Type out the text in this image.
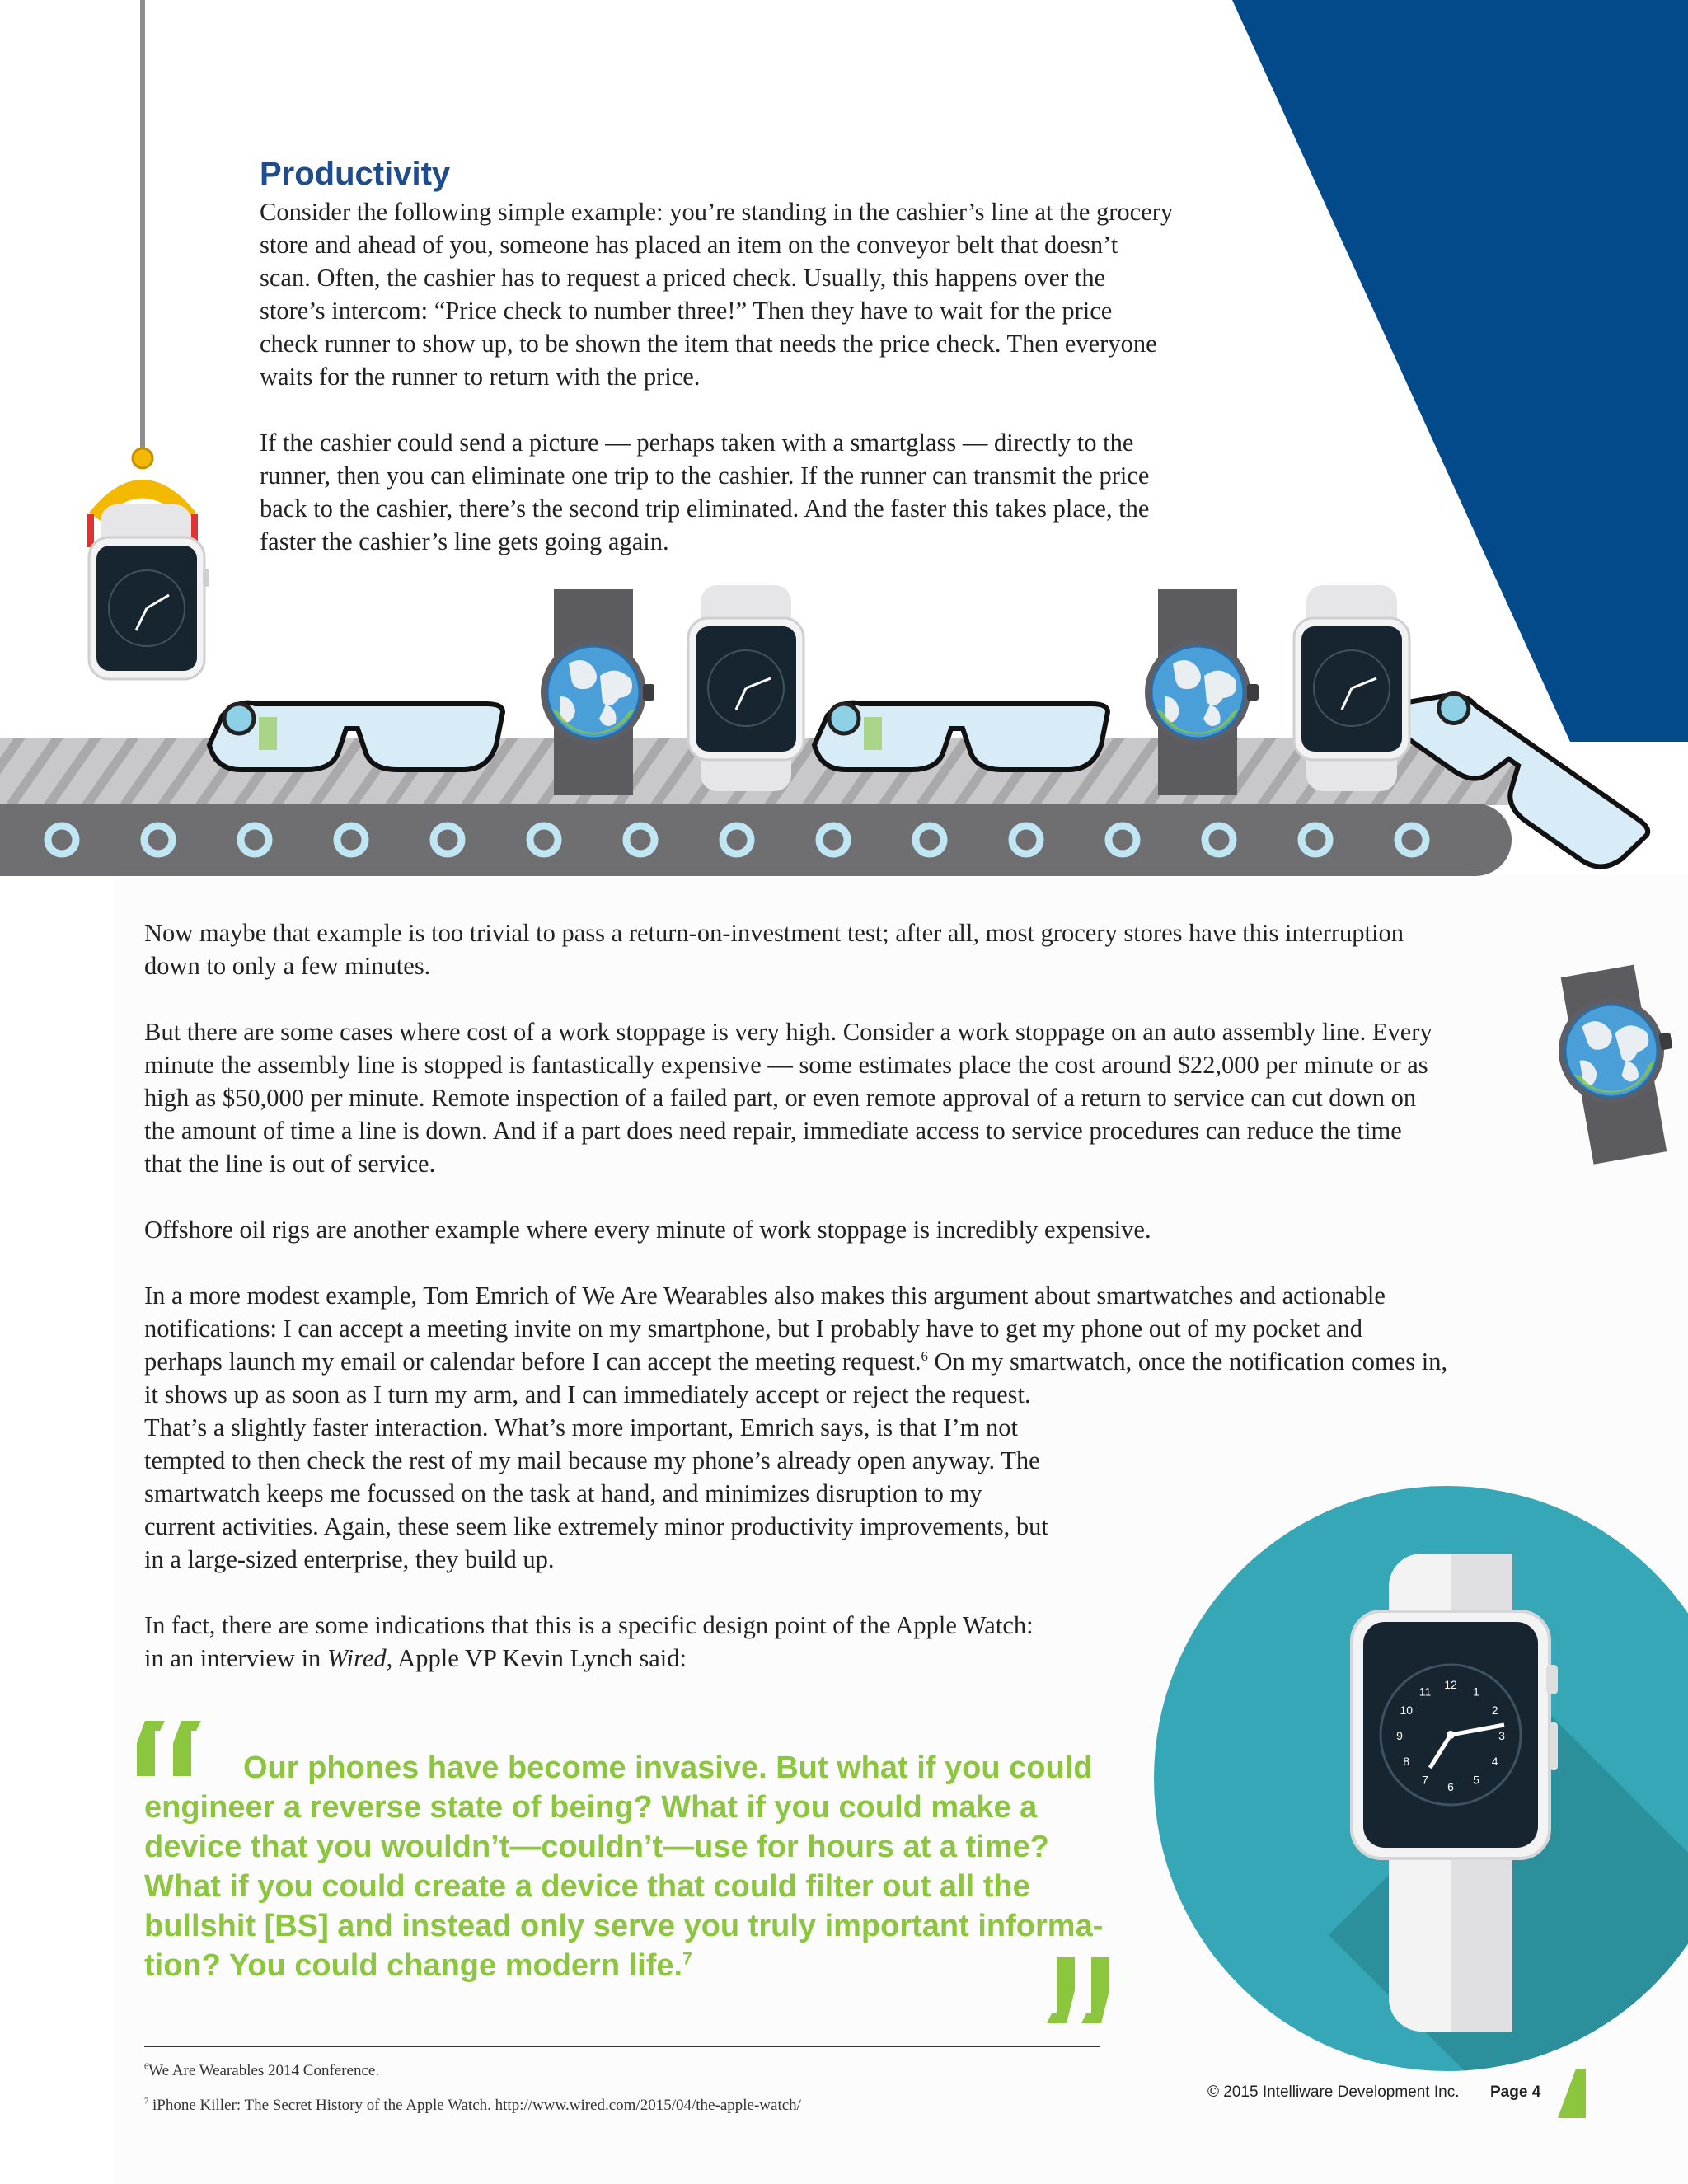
12
1
2
3
4
5
6
7
8
9
10
11
Productivity

Consider the following simple example: you’re standing in the cashier’s line at the grocery
store and ahead of you, someone has placed an item on the conveyor belt that doesn’t
scan. Often, the cashier has to request a priced check. Usually, this happens over the
store’s intercom: “Price check to number three!” Then they have to wait for the price
check runner to show up, to be shown the item that needs the price check. Then everyone
waits for the runner to return with the price.

If the cashier could send a picture — perhaps taken with a smartglass — directly to the
runner, then you can eliminate one trip to the cashier. If the runner can transmit the price
back to the cashier, there’s the second trip eliminated. And the faster this takes place, the
faster the cashier’s line gets going again.

Now maybe that example is too trivial to pass a return-on-investment test; after all, most grocery stores have this interruption
down to only a few minutes.

But there are some cases where cost of a work stoppage is very high. Consider a work stoppage on an auto assembly line. Every
minute the assembly line is stopped is fantastically expensive — some estimates place the cost around $22,000 per minute or as
high as $50,000 per minute. Remote inspection of a failed part, or even remote approval of a return to service can cut down on
the amount of time a line is down. And if a part does need repair, immediate access to service procedures can reduce the time
that the line is out of service.

Offshore oil rigs are another example where every minute of work stoppage is incredibly expensive.

In a more modest example, Tom Emrich of We Are Wearables also makes this argument about smartwatches and actionable
notifications: I can accept a meeting invite on my smartphone, but I probably have to get my phone out of my pocket and
perhaps launch my email or calendar before I can accept the meeting request.$^6$ On my smartwatch, once the notification comes in,
it shows up as soon as I turn my arm, and I can immediately accept or reject the request.
That’s a slightly faster interaction. What’s more important, Emrich says, is that I’m not
tempted to then check the rest of my mail because my phone’s already open anyway. The
smartwatch keeps me focussed on the task at hand, and minimizes disruption to my
current activities. Again, these seem like extremely minor productivity improvements, but
in a large-sized enterprise, they build up.

In fact, there are some indications that this is a specific design point of the Apple Watch:
in an interview in Wired, Apple VP Kevin Lynch said:

Our phones have become invasive. But what if you could
engineer a reverse state of being? What if you could make a
device that you wouldn’t—couldn’t—use for hours at a time?
What if you could create a device that could filter out all the
bullshit [BS] and instead only serve you truly important informa-
tion? You could change modern life.$^7$

$^6$We Are Wearables 2014 Conference.
$^7$ iPhone Killer: The Secret History of the Apple Watch. http://www.wired.com/2015/04/the-apple-watch/
© 2015 Intelliware Development Inc. Page 4
